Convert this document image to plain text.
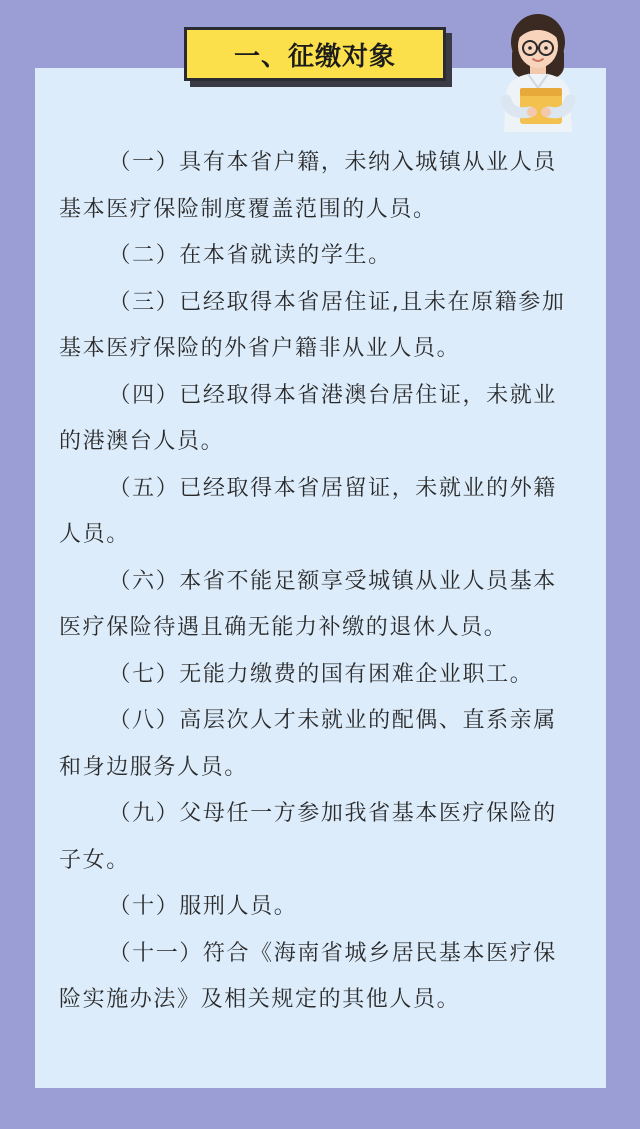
（一）具有本省户籍，未纳入城镇从业人员基本医疗保险制度覆盖范围的人员。

（二）在本省就读的学生。

（三）已经取得本省居住证,且未在原籍参加基本医疗保险的外省户籍非从业人员。

（四）已经取得本省港澳台居住证，未就业的港澳台人员。

（五）已经取得本省居留证，未就业的外籍人员。

（六）本省不能足额享受城镇从业人员基本医疗保险待遇且确无能力补缴的退休人员。

（七）无能力缴费的国有困难企业职工。

（八）高层次人才未就业的配偶、直系亲属和身边服务人员。

（九）父母任一方参加我省基本医疗保险的子女。

（十）服刑人员。

（十一）符合《海南省城乡居民基本医疗保险实施办法》及相关规定的其他人员。

一、征缴对象
